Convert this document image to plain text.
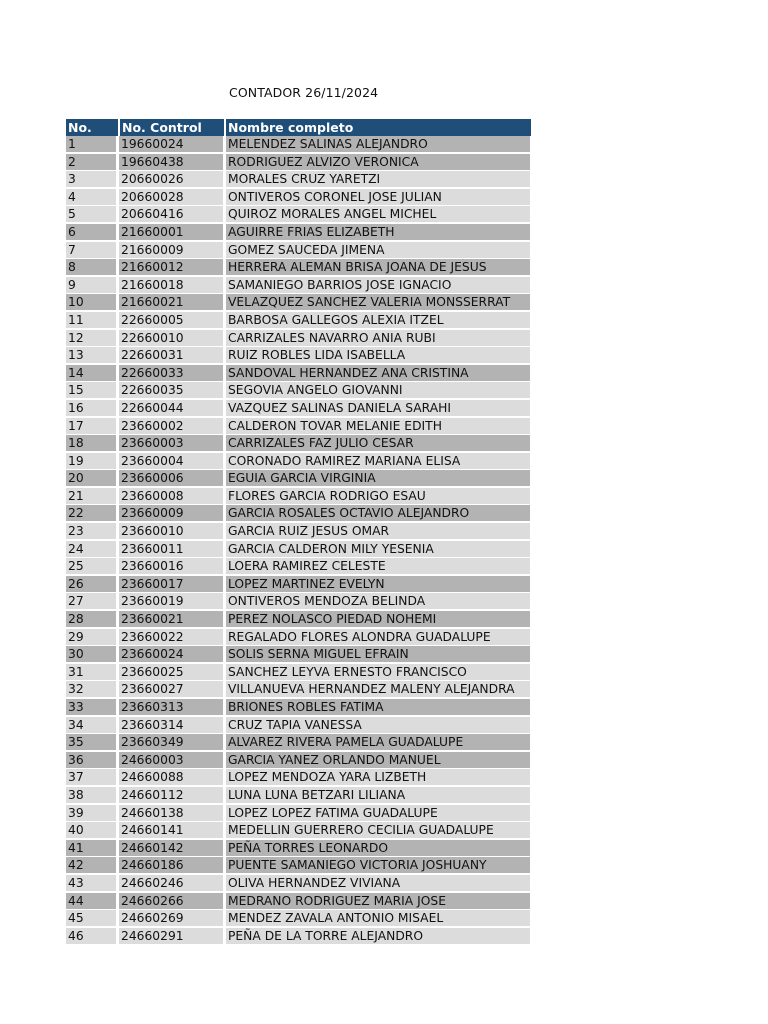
CONTADOR 26/11/2024
No.	No. Control	Nombre completo
1	19660024	MELENDEZ SALINAS ALEJANDRO
2	19660438	RODRIGUEZ ALVIZO VERONICA
3	20660026	MORALES CRUZ YARETZI
4	20660028	ONTIVEROS CORONEL JOSE JULIAN
5	20660416	QUIROZ MORALES ANGEL MICHEL
6	21660001	AGUIRRE FRIAS ELIZABETH
7	21660009	GOMEZ SAUCEDA JIMENA
8	21660012	HERRERA ALEMAN BRISA JOANA DE JESUS
9	21660018	SAMANIEGO BARRIOS JOSE IGNACIO
10	21660021	VELAZQUEZ SANCHEZ VALERIA MONSSERRAT
11	22660005	BARBOSA GALLEGOS ALEXIA ITZEL
12	22660010	CARRIZALES NAVARRO ANIA RUBI
13	22660031	RUIZ ROBLES LIDA ISABELLA
14	22660033	SANDOVAL HERNANDEZ ANA CRISTINA
15	22660035	SEGOVIA ANGELO GIOVANNI
16	22660044	VAZQUEZ SALINAS DANIELA SARAHI
17	23660002	CALDERON TOVAR MELANIE EDITH
18	23660003	CARRIZALES FAZ JULIO CESAR
19	23660004	CORONADO RAMIREZ MARIANA ELISA
20	23660006	EGUIA GARCIA VIRGINIA
21	23660008	FLORES GARCIA RODRIGO ESAU
22	23660009	GARCIA ROSALES OCTAVIO ALEJANDRO
23	23660010	GARCIA RUIZ JESUS OMAR
24	23660011	GARCIA CALDERON MILY YESENIA
25	23660016	LOERA RAMIREZ CELESTE
26	23660017	LOPEZ MARTINEZ EVELYN
27	23660019	ONTIVEROS MENDOZA BELINDA
28	23660021	PEREZ NOLASCO PIEDAD NOHEMI
29	23660022	REGALADO FLORES ALONDRA GUADALUPE
30	23660024	SOLIS SERNA MIGUEL EFRAIN
31	23660025	SANCHEZ LEYVA ERNESTO FRANCISCO
32	23660027	VILLANUEVA HERNANDEZ MALENY ALEJANDRA
33	23660313	BRIONES ROBLES FATIMA
34	23660314	CRUZ TAPIA VANESSA
35	23660349	ALVAREZ RIVERA PAMELA GUADALUPE
36	24660003	GARCIA YANEZ ORLANDO MANUEL
37	24660088	LOPEZ MENDOZA YARA LIZBETH
38	24660112	LUNA LUNA BETZARI LILIANA
39	24660138	LOPEZ LOPEZ FATIMA GUADALUPE
40	24660141	MEDELLIN GUERRERO CECILIA GUADALUPE
41	24660142	PEÑA TORRES LEONARDO
42	24660186	PUENTE SAMANIEGO VICTORIA JOSHUANY
43	24660246	OLIVA HERNANDEZ VIVIANA
44	24660266	MEDRANO RODRIGUEZ MARIA JOSE
45	24660269	MENDEZ ZAVALA ANTONIO MISAEL
46	24660291	PEÑA DE LA TORRE ALEJANDRO
